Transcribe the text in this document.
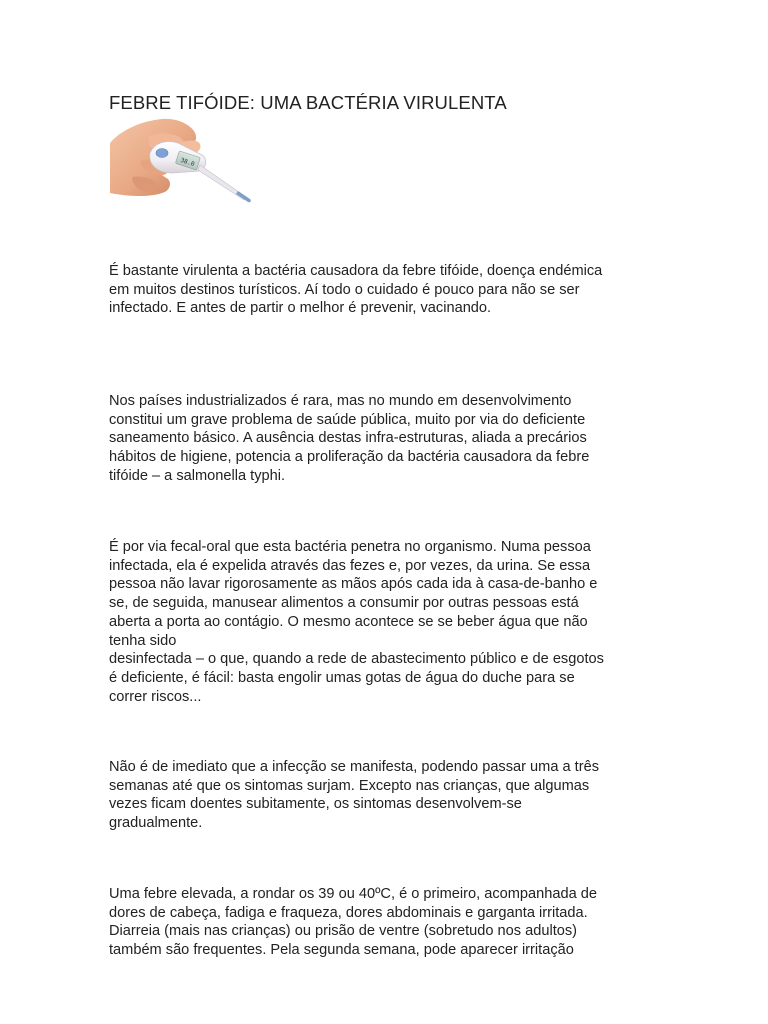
FEBRE TIFÓIDE: UMA BACTÉRIA VIRULENTA
38.0
É bastante virulenta a bactéria causadora da febre tifóide, doença endémica
em muitos destinos turísticos. Aí todo o cuidado é pouco para não se ser
infectado. E antes de partir o melhor é prevenir, vacinando.
Nos países industrializados é rara, mas no mundo em desenvolvimento
constitui um grave problema de saúde pública, muito por via do deficiente
saneamento básico. A ausência destas infra-estruturas, aliada a precários
hábitos de higiene, potencia a proliferação da bactéria causadora da febre
tifóide – a salmonella typhi.
É por via fecal-oral que esta bactéria penetra no organismo. Numa pessoa
infectada, ela é expelida através das fezes e, por vezes, da urina. Se essa
pessoa não lavar rigorosamente as mãos após cada ida à casa-de-banho e
se, de seguida, manusear alimentos a consumir por outras pessoas está
aberta a porta ao contágio. O mesmo acontece se se beber água que não
tenha sido
desinfectada – o que, quando a rede de abastecimento público e de esgotos
é deficiente, é fácil: basta engolir umas gotas de água do duche para se
correr riscos...
Não é de imediato que a infecção se manifesta, podendo passar uma a três
semanas até que os sintomas surjam. Excepto nas crianças, que algumas
vezes ficam doentes subitamente, os sintomas desenvolvem-se
gradualmente.
Uma febre elevada, a rondar os 39 ou 40ºC, é o primeiro, acompanhada de
dores de cabeça, fadiga e fraqueza, dores abdominais e garganta irritada.
Diarreia (mais nas crianças) ou prisão de ventre (sobretudo nos adultos)
também são frequentes. Pela segunda semana, pode aparecer irritação
